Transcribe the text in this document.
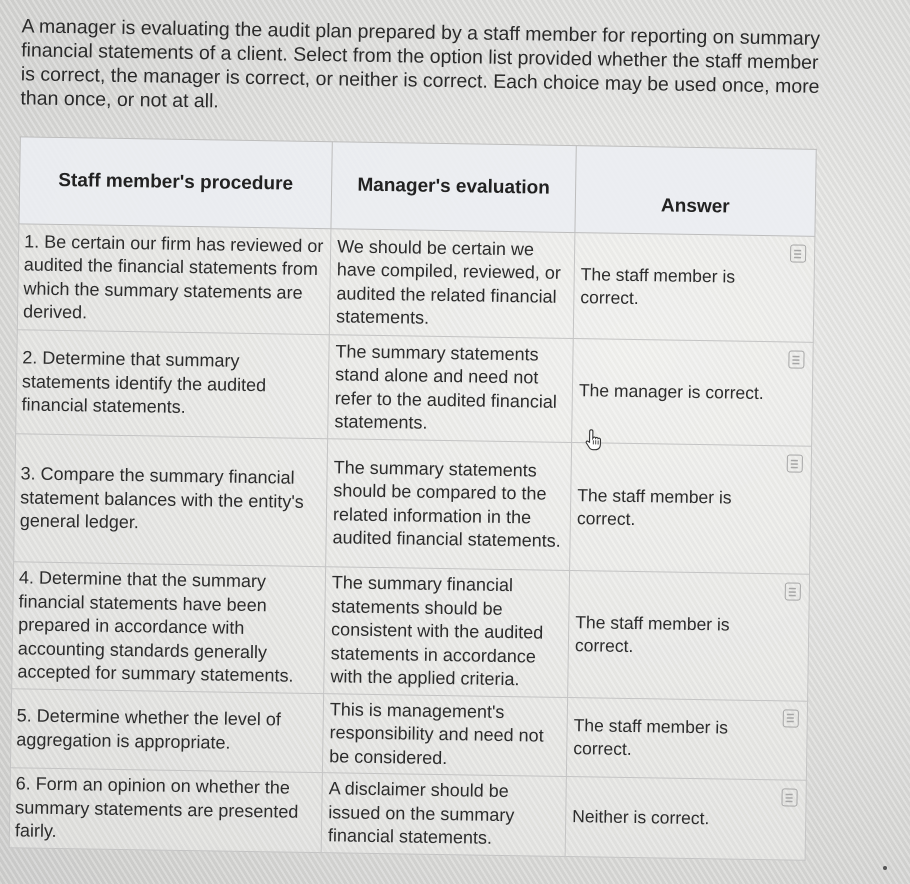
A manager is evaluating the audit plan prepared by a staff member for reporting on summary financial statements of a client. Select from the option list provided whether the staff member is correct, the manager is correct, or neither is correct. Each choice may be used once, more than once, or not at all.

Staff member's procedure	Manager's evaluation	Answer
1. Be certain our firm has reviewed or audited the financial statements from which the summary statements are derived.	We should be certain we have compiled, reviewed, or audited the related financial statements.	The staff member is correct.

2. Determine that summary statements identify the audited financial statements.	The summary statements stand alone and need not refer to the audited financial statements.	The manager is correct.

3. Compare the summary financial statement balances with the entity's general ledger.	The summary statements should be compared to the related information in the audited financial statements.	The staff member is correct.

4. Determine that the summary financial statements have been prepared in accordance with accounting standards generally accepted for summary statements.	The summary financial statements should be consistent with the audited statements in accordance with the applied criteria.	The staff member is correct.

5. Determine whether the level of aggregation is appropriate.	This is management's responsibility and need not be considered.	The staff member is correct.

6. Form an opinion on whether the summary statements are presented fairly.	A disclaimer should be issued on the summary financial statements.	Neither is correct.
